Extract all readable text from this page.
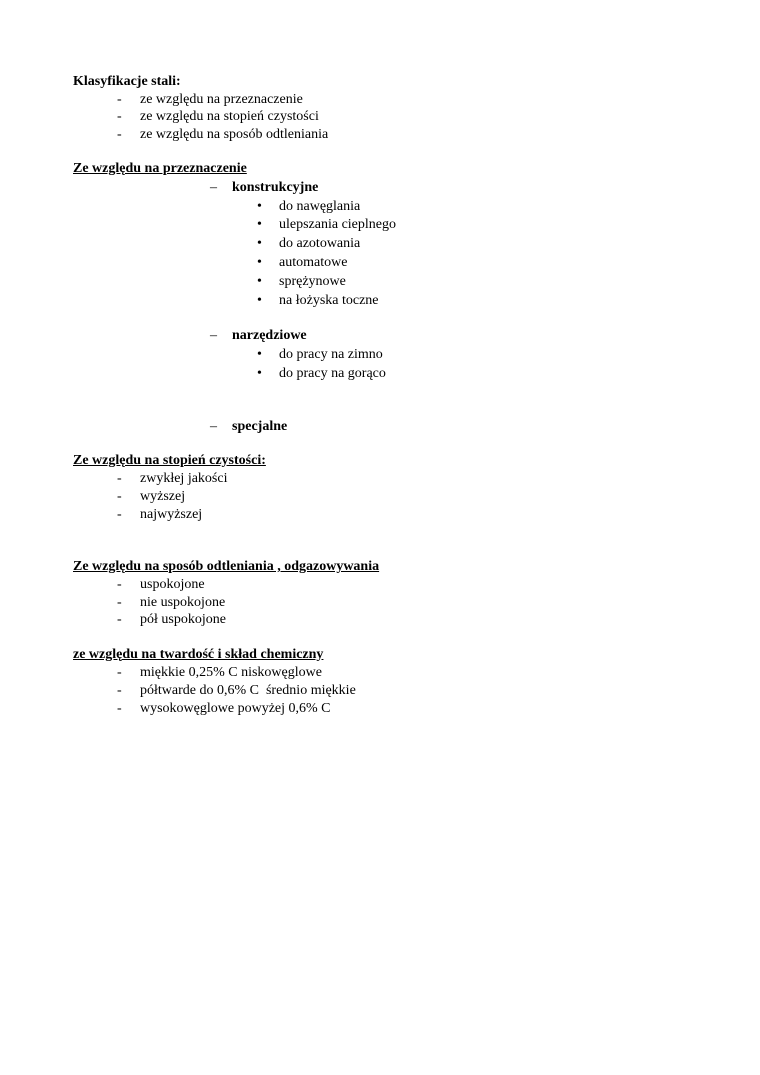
Klasyfikacje stali:
- ze względu na przeznaczenie
- ze względu na stopień czystości
- ze względu na sposób odtleniania
Ze względu na przeznaczenie
– konstrukcyjne
• do nawęglania
• ulepszania cieplnego
• do azotowania
• automatowe
• sprężynowe
• na łożyska toczne
– narzędziowe
• do pracy na zimno
• do pracy na gorąco
– specjalne
Ze względu na stopień czystości:
- zwykłej jakości
- wyższej
- najwyższej
Ze względu na sposób odtleniania , odgazowywania
- uspokojone
- nie uspokojone
- pół uspokojone
ze względu na twardość i skład chemiczny
- miękkie 0,25% C niskowęglowe
- półtwarde do 0,6% C  średnio miękkie
- wysokowęglowe powyżej 0,6% C
